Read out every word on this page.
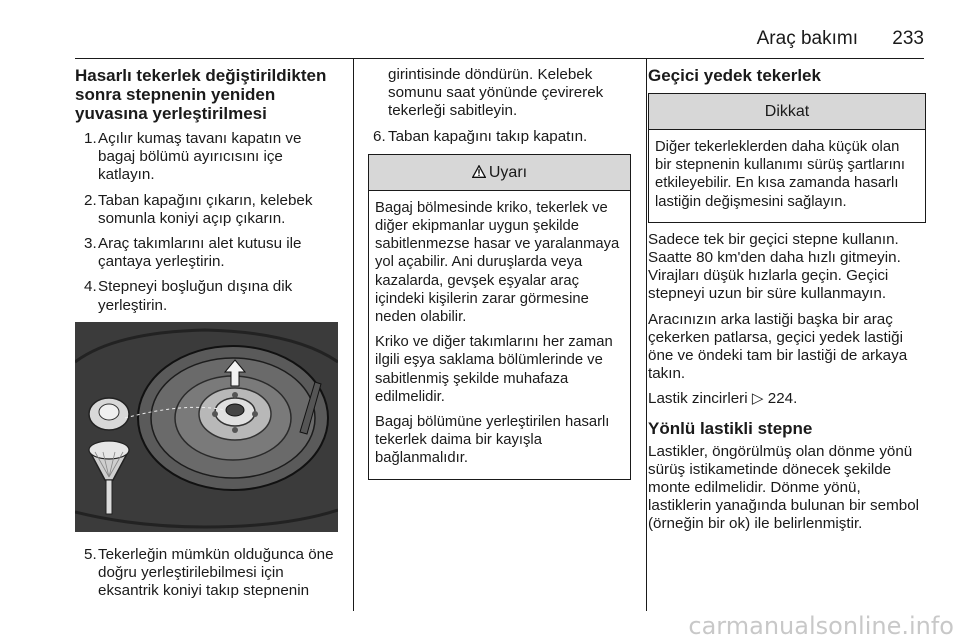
Araç bakımı 233
Hasarlı tekerlek değiştirildikten sonra stepnenin yeniden yuvasına yerleştirilmesi
1. Açılır kumaş tavanı kapatın ve bagaj bölümü ayırıcısını içe katlayın.
2. Taban kapağını çıkarın, kelebek somunla koniyi açıp çıkarın.
3. Araç takımlarını alet kutusu ile çantaya yerleştirin.
4. Stepneyi boşluğun dışına dik yerleştirin.
5. Tekerleğin mümkün olduğunca öne doğru yerleştirilebilmesi için eksantrik koniyi takıp stepnenin
girintisinde döndürün. Kelebek somunu saat yönünde çevirerek tekerleği sabitleyin.
6. Taban kapağını takıp kapatın.
Uyarı

Bagaj bölmesinde kriko, tekerlek ve diğer ekipmanlar uygun şekilde sabitlenmezse hasar ve yaralanmaya yol açabilir. Ani duruşlarda veya kazalarda, gevşek eşyalar araç içindeki kişilerin zarar görmesine neden olabilir.

Kriko ve diğer takımlarını her zaman ilgili eşya saklama bölümlerinde ve sabitlenmiş şekilde muhafaza edilmelidir.

Bagaj bölümüne yerleştirilen hasarlı tekerlek daima bir kayışla bağlanmalıdır.

Geçici yedek tekerlek
Dikkat

Diğer tekerleklerden daha küçük olan bir stepnenin kullanımı sürüş şartlarını etkileyebilir. En kısa zamanda hasarlı lastiğin değişmesini sağlayın.

Sadece tek bir geçici stepne kullanın. Saatte 80 km'den daha hızlı gitmeyin. Virajları düşük hızlarla geçin. Geçici stepneyi uzun bir süre kullanmayın.

Aracınızın arka lastiği başka bir araç çekerken patlarsa, geçici yedek lastiği öne ve öndeki tam bir lastiği de arkaya takın.

Lastik zincirleri ▷ 224.

Yönlü lastikli stepne

Lastikler, öngörülmüş olan dönme yönü sürüş istikametinde dönecek şekilde monte edilmelidir. Dönme yönü, lastiklerin yanağında bulunan bir sembol (örneğin bir ok) ile belirlenmiştir.

carmanualsonline.info
